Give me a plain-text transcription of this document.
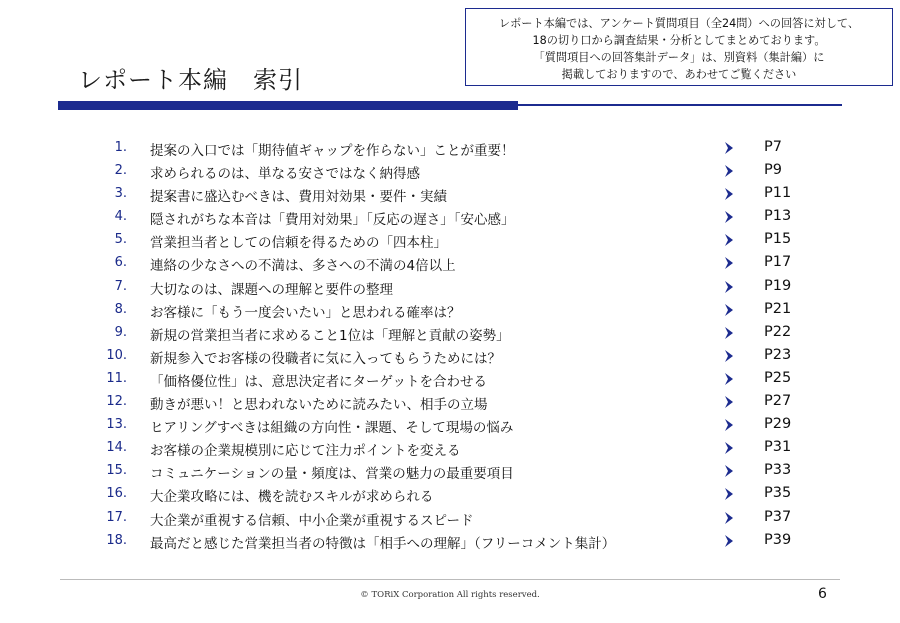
レポート本編　索引
レポート本編では、アンケート質問項目（全24問）への回答に対して、
18の切り口から調査結果・分析としてまとめております。
「質問項目への回答集計データ」は、別資料（集計編）に
掲載しておりますので、あわせてご覧ください
1. 提案の入口では「期待値ギャップを作らない」ことが重要！	P7
2. 求められるのは、単なる安さではなく納得感	P9
3. 提案書に盛込むべきは、費用対効果・要件・実績	P11
4. 隠されがちな本音は「費用対効果」「反応の遅さ」「安心感」	P13
5. 営業担当者としての信頼を得るための「四本柱」	P15
6. 連絡の少なさへの不満は、多さへの不満の4倍以上	P17
7. 大切なのは、課題への理解と要件の整理	P19
8. お客様に「もう一度会いたい」と思われる確率は？	P21
9. 新規の営業担当者に求めること1位は「理解と貢献の姿勢」	P22
10. 新規参入でお客様の役職者に気に入ってもらうためには？	P23
11. 「価格優位性」は、意思決定者にターゲットを合わせる	P25
12. 動きが悪い！と思われないために読みたい、相手の立場	P27
13. ヒアリングすべきは組織の方向性・課題、そして現場の悩み	P29
14. お客様の企業規模別に応じて注力ポイントを変える	P31
15. コミュニケーションの量・頻度は、営業の魅力の最重要項目	P33
16. 大企業攻略には、機を読むスキルが求められる	P35
17. 大企業が重視する信頼、中小企業が重視するスピード	P37
18. 最高だと感じた営業担当者の特徴は「相手への理解」（フリーコメント集計）	P39
© TORiX Corporation All rights reserved.	6
